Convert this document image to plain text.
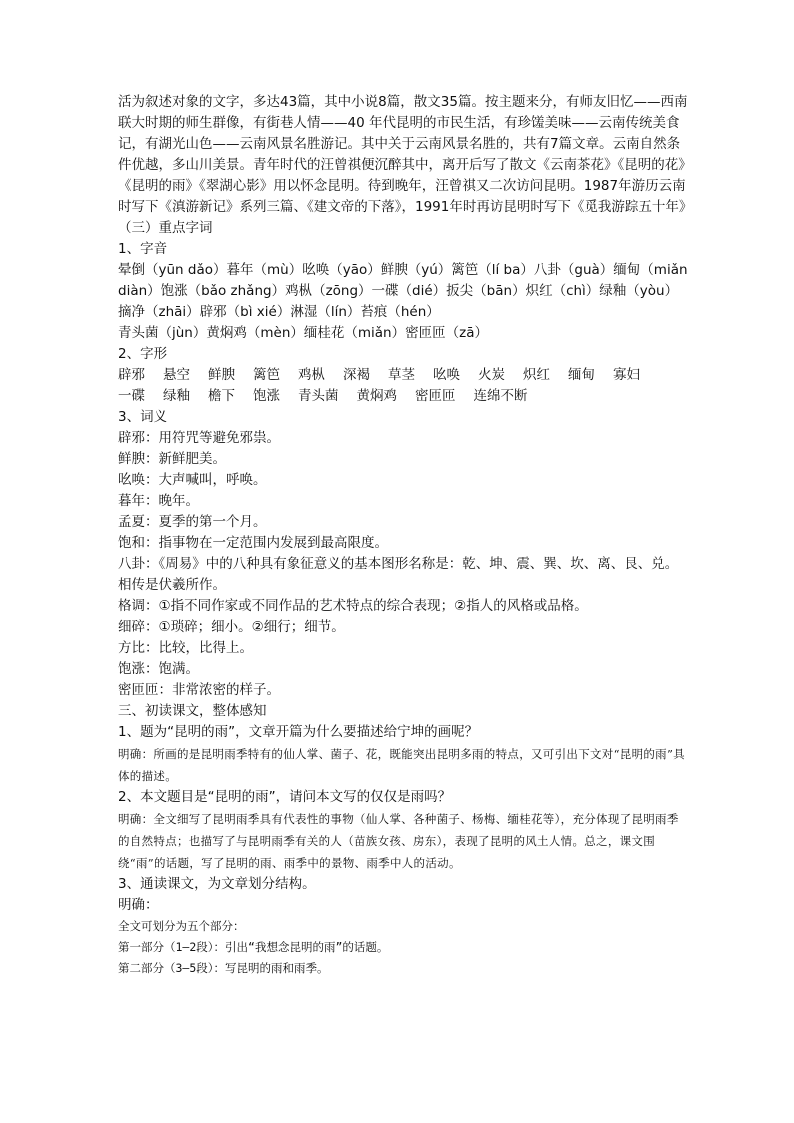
活为叙述对象的文字，多达43篇，其中小说8篇，散文35篇。按主题来分，有师友旧忆——西南联大时期的师生群像，有街巷人情——40 年代昆明的市民生活，有珍馐美味——云南传统美食记，有湖光山色——云南风景名胜游记。其中关于云南风景名胜的，共有7篇文章。云南自然条件优越，多山川美景。青年时代的汪曾祺便沉醉其中，离开后写了散文《云南茶花》《昆明的花》《昆明的雨》《翠湖心影》用以怀念昆明。待到晚年，汪曾祺又二次访问昆明。1987年游历云南时写下《滇游新记》系列三篇、《建文帝的下落》，1991年时再访昆明时写下《觅我游踪五十年》

（三）重点字词

1、字音

晕倒（yūn dǎo）暮年（mù）吆唤（yāo）鲜腴（yú）篱笆（lí ba）八卦（guà）缅甸（miǎn diàn）饱涨（bǎo zhǎng）鸡枞（zōng）一碟（dié）扳尖（bān）炽红（chì）绿釉（yòu）摘净（zhāi）辟邪（bì xié）淋湿（lín）苔痕（hén）

青头菌（jùn）黄焖鸡（mèn）缅桂花（miǎn）密匝匝（zā）

2、字形

辟邪 悬空 鲜腴 篱笆 鸡枞 深褐 草茎 吆唤 火炭 炽红 缅甸 寡妇一碟 绿釉 檐下 饱涨 青头菌 黄焖鸡 密匝匝 连绵不断

3、词义

辟邪：用符咒等避免邪祟。

鲜腴：新鲜肥美。

吆唤：大声喊叫，呼唤。

暮年：晚年。

孟夏：夏季的第一个月。

饱和：指事物在一定范围内发展到最高限度。

八卦：《周易》中的八种具有象征意义的基本图形名称是：乾、坤、震、巽、坎、离、艮、兑。相传是伏羲所作。

格调：①指不同作家或不同作品的艺术特点的综合表现；②指人的风格或品格。

细碎：①琐碎；细小。②细行；细节。

方比：比较，比得上。

饱涨：饱满。

密匝匝：非常浓密的样子。

三、初读课文，整体感知

1、题为“昆明的雨”，文章开篇为什么要描述给宁坤的画呢？

明确：所画的是昆明雨季特有的仙人掌、菌子、花，既能突出昆明多雨的特点，又可引出下文对“昆明的雨”具体的描述。

2、本文题目是“昆明的雨”，请问本文写的仅仅是雨吗？

明确：全文细写了昆明雨季具有代表性的事物（仙人掌、各种菌子、杨梅、缅桂花等），充分体现了昆明雨季的自然特点；也描写了与昆明雨季有关的人（苗族女孩、房东），表现了昆明的风土人情。总之，课文围绕“雨”的话题，写了昆明的雨、雨季中的景物、雨季中人的活动。

3、通读课文，为文章划分结构。

明确：

全文可划分为五个部分：

第一部分（1—2段）：引出“我想念昆明的雨”的话题。

第二部分（3—5段）：写昆明的雨和雨季。
